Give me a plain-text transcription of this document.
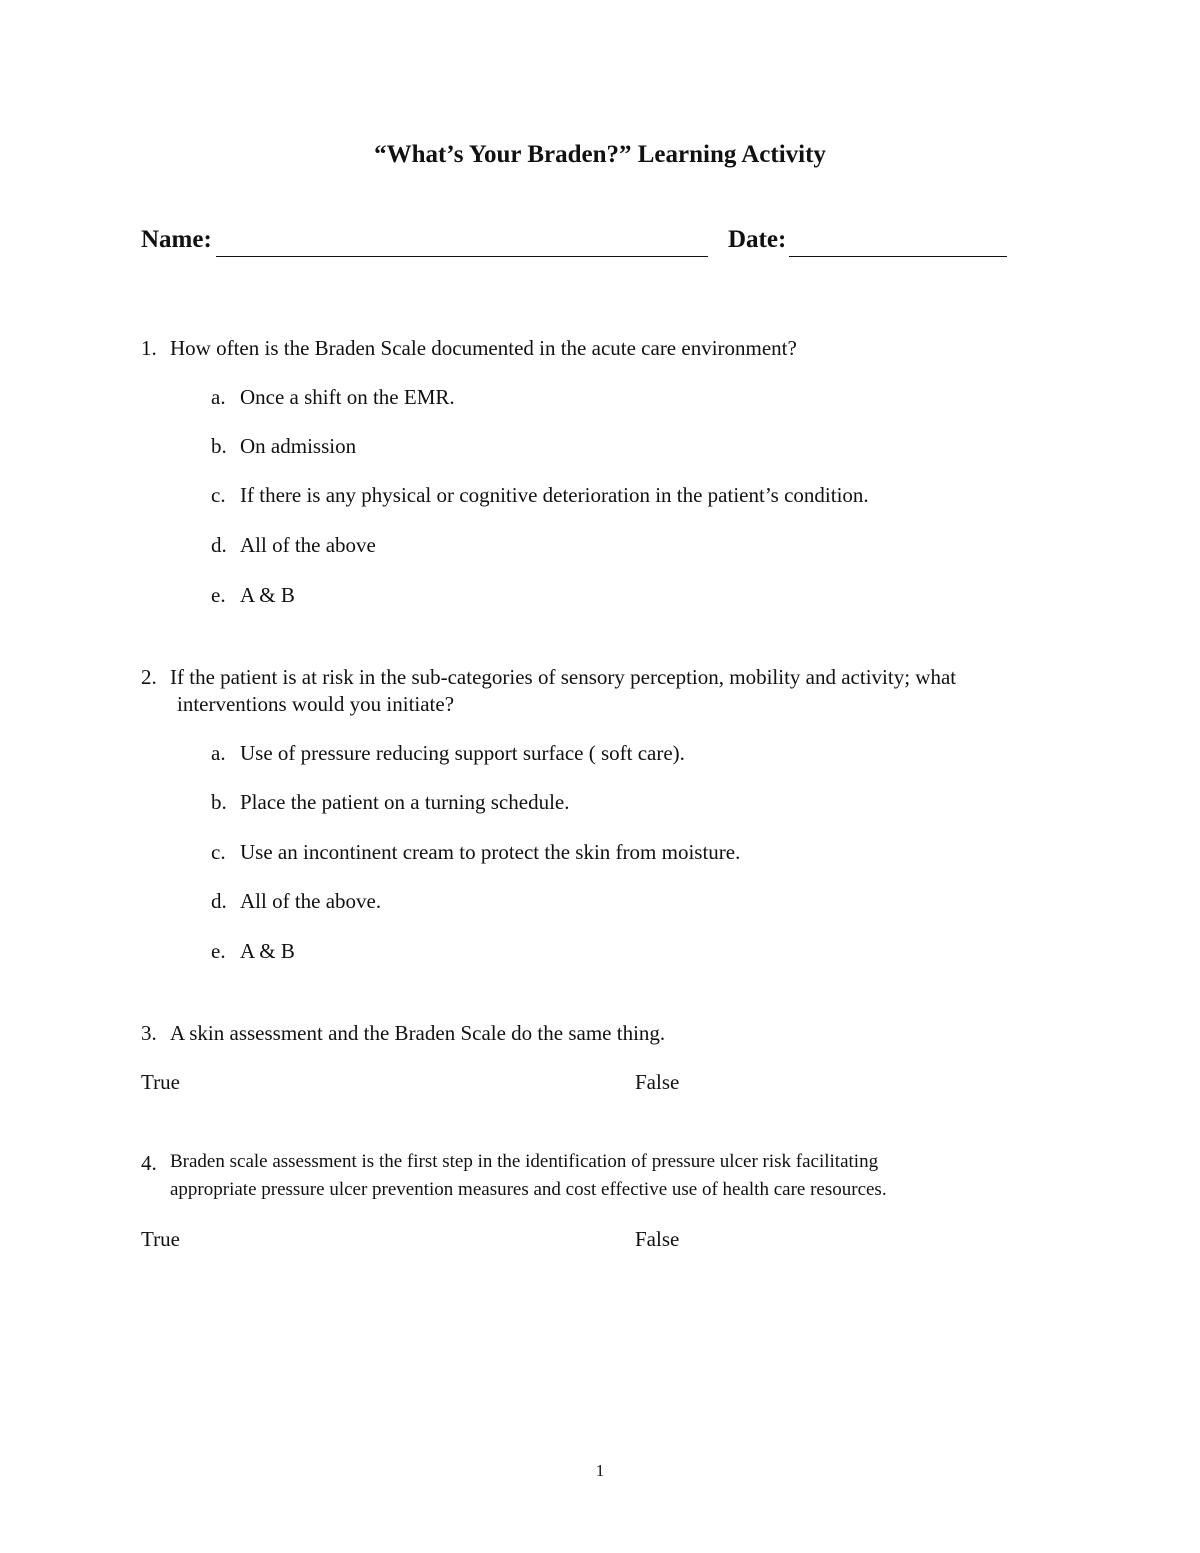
“What’s Your Braden?” Learning Activity
Name:	Date:
1. How often is the Braden Scale documented in the acute care environment?
a. Once a shift on the EMR.
b. On admission
c. If there is any physical or cognitive deterioration in the patient’s condition.
d. All of the above
e. A & B
2. If the patient is at risk in the sub-categories of sensory perception, mobility and activity; what
interventions would you initiate?
a. Use of pressure reducing support surface ( soft care).
b. Place the patient on a turning schedule.
c. Use an incontinent cream to protect the skin from moisture.
d. All of the above.
e. A & B
3. A skin assessment and the Braden Scale do the same thing.
True	False
4. Braden scale assessment is the first step in the identification of pressure ulcer risk facilitating
appropriate pressure ulcer prevention measures and cost effective use of health care resources.
True	False
1
